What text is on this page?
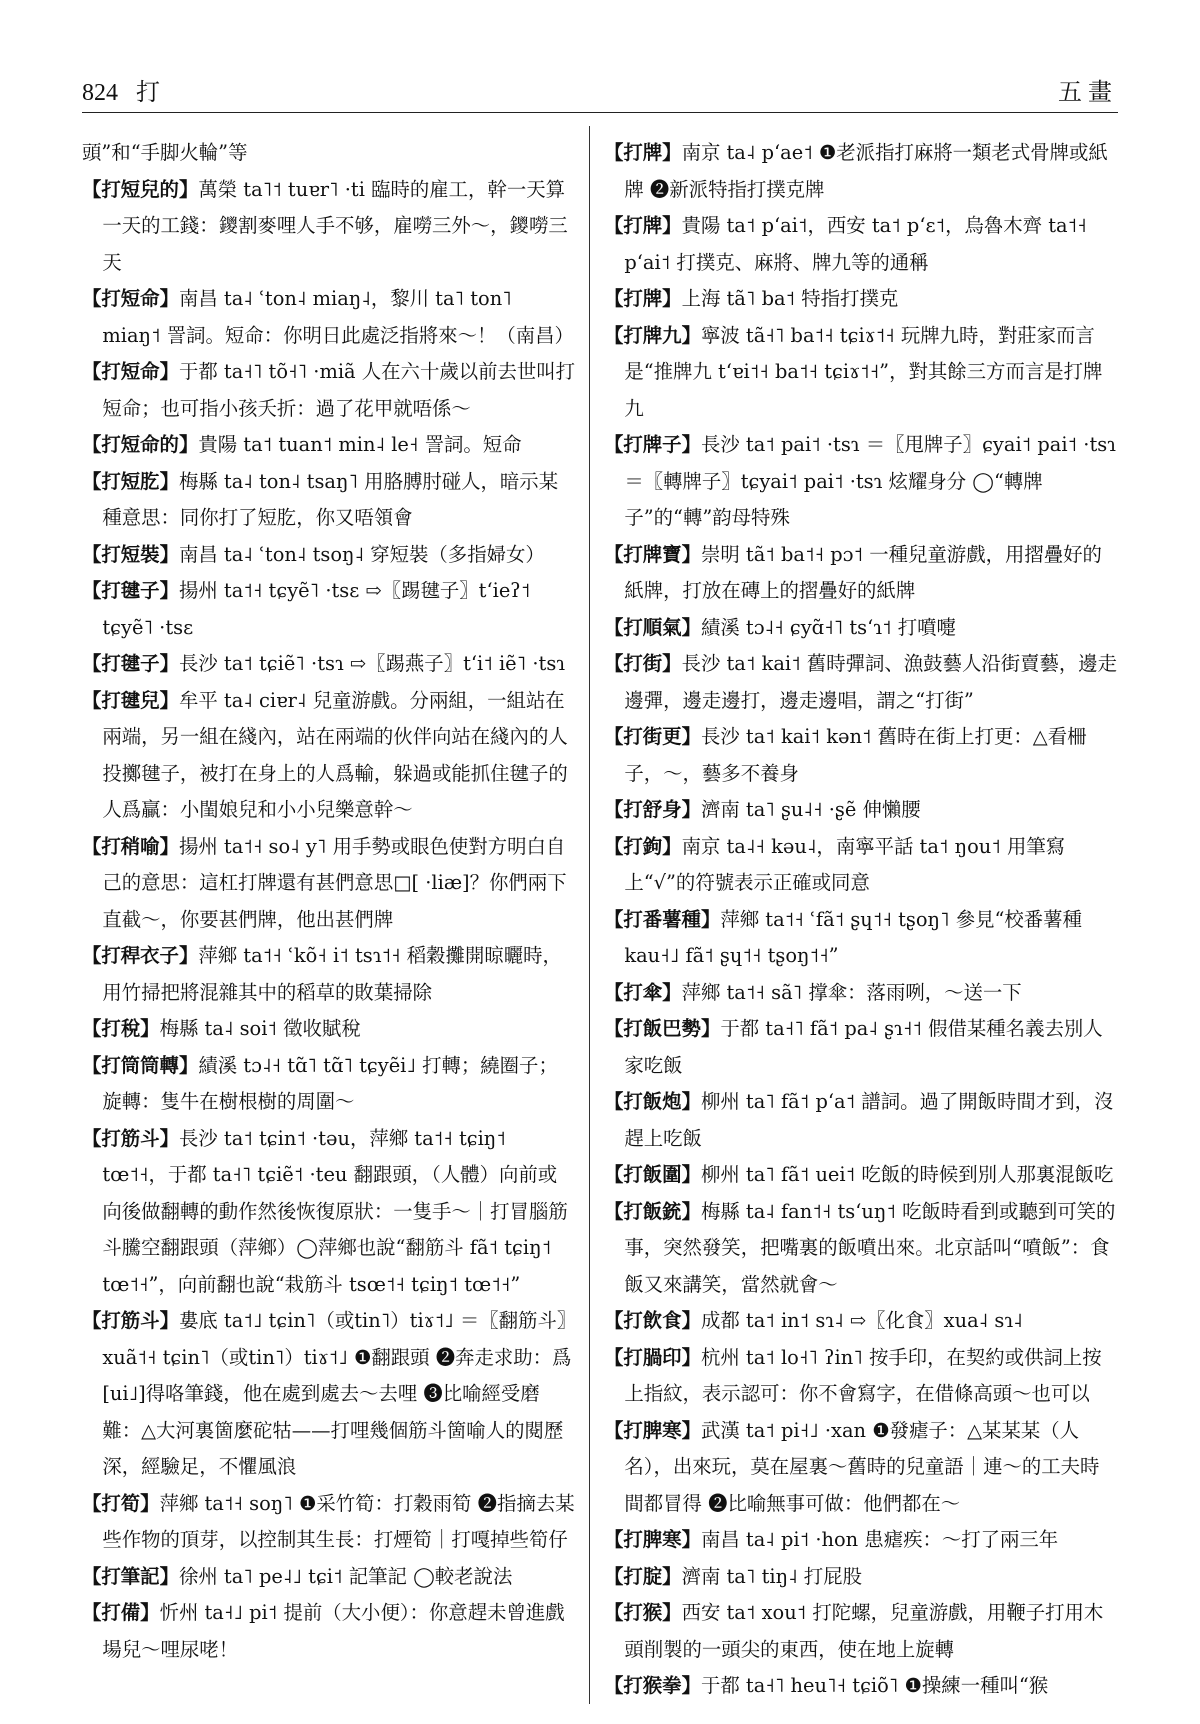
824 打	五畫
頭”和“手脚火輪”等
【打短兒的】萬榮 ta˥˦ tuɐr˥ ·ti 臨時的雇工，幹一天算一天的工錢：鑁割麥哩人手不够，雇嘮三外～，鑁嘮三天
【打短命】南昌 ta˨ ʿton˨ miaŋ˨，黎川 ta˥ ton˥ miaŋ˦ 詈詞。短命：你明日此處泛指將來～！（南昌）
【打短命】于都 ta˧˥ tõ˧˥ ·miã 人在六十歲以前去世叫打短命；也可指小孩夭折：過了花甲就唔係～
【打短命的】貴陽 ta˦ tuan˦ min˨ le˧ 詈詞。短命
【打短肐】梅縣 ta˨ ton˨ tsaŋ˥ 用胳膊肘碰人，暗示某種意思：同你打了短肐，你又唔領會
【打短裝】南昌 ta˨ ʿton˨ tsoŋ˨ 穿短裝（多指婦女）
【打毽子】揚州 ta˦˧ tɕyẽ˥ ·tsɛ ⇨〖踢毽子〗tʻieʔ˦ tɕyẽ˥ ·tsɛ
【打毽子】長沙 ta˦ tɕiẽ˥ ·tsɿ ⇨〖踢燕子〗tʻi˦ iẽ˥ ·tsɿ
【打毽兒】牟平 ta˨ ciɐr˨ 兒童游戲。分兩組，一組站在兩端，另一組在綫內，站在兩端的伙伴向站在綫內的人投擲毽子，被打在身上的人爲輸，躲過或能抓住毽子的人爲贏：小閨娘兒和小小兒樂意幹～
【打稍喻】揚州 ta˦˧ so˨ y˥ 用手勢或眼色使對方明白自己的意思：這杠打牌還有甚們意思□[ ·liæ]？你們兩下直截～，你要甚們牌，他出甚們牌
【打稈衣子】萍鄉 ta˦˧ ʿkõ˧ i˦ tsɿ˦˧ 稻穀攤開晾曬時，用竹掃把將混雜其中的稻草的敗葉掃除
【打稅】梅縣 ta˨ soi˦ 徵收賦稅
【打筒筒轉】績溪 tɔ˨˧ tɑ̃˥ tɑ̃˥ tɕyẽi˩ 打轉；繞圈子；旋轉：隻牛在樹根樹的周圍～
【打筋斗】長沙 ta˦ tɕin˦ ·təu，萍鄉 ta˦˧ tɕiŋ˦ tœ˦˧，于都 ta˧˥ tɕiẽ˦ ·teu 翻跟頭，（人體）向前或向後做翻轉的動作然後恢復原狀：一隻手～｜打冒腦筋斗騰空翻跟頭（萍鄉）◯萍鄉也說“翻筋斗 fã˦ tɕiŋ˦ tœ˦˧”，向前翻也說“栽筋斗 tsœ˦˧ tɕiŋ˦ tœ˦˧”
【打筋斗】婁底 ta˦˩ tɕin˥（或tin˥）tiɤ˦˩ ＝〖翻筋斗〗xuã˦˧ tɕin˥（或tin˥）tiɤ˦˩ ❶翻跟頭 ❷奔走求助：爲[ui˩]得咯筆錢，他在處到處去～去哩 ❸比喻經受磨難：△大河裏箇麼砣牯——打哩幾個筋斗箇喻人的閱歷深，經驗足，不懼風浪
【打筍】萍鄉 ta˦˧ soŋ˥ ❶采竹筍：打穀雨筍 ❷指摘去某些作物的頂芽，以控制其生長：打煙筍｜打嘎掉些筍仔
【打筆記】徐州 ta˥ pe˨˩ tɕi˦ 記筆記 ◯較老說法
【打備】忻州 ta˧˩ pi˦ 提前（大小便）：你意趕未曾進戲場兒～哩尿咾！
【打牌】南京 ta˨ pʻae˦ ❶老派指打麻將一類老式骨牌或紙牌 ❷新派特指打撲克牌
【打牌】貴陽 ta˦ pʻai˦，西安 ta˦ pʻɛ˦，烏魯木齊 ta˦˧ pʻai˦ 打撲克、麻將、牌九等的通稱
【打牌】上海 tã˥ ba˦ 特指打撲克
【打牌九】寧波 tã˧˥ ba˦˧ tɕiɤ˦˧ 玩牌九時，對莊家而言是“推牌九 tʻɐi˦˧ ba˦˧ tɕiɤ˦˧”，對其餘三方而言是打牌九
【打牌子】長沙 ta˦ pai˦ ·tsɿ ＝〖甩牌子〗ɕyai˦ pai˦ ·tsɿ ＝〖轉牌子〗tɕyai˦ pai˦ ·tsɿ 炫耀身分 ◯“轉牌子”的“轉”韵母特殊
【打牌寶】崇明 tã˦ ba˦˧ pɔ˦ 一種兒童游戲，用摺疊好的紙牌，打放在磚上的摺疊好的紙牌
【打順氣】績溪 tɔ˨˧ ɕyɑ̃˧˥ tsʻɿ˦ 打噴嚏
【打街】長沙 ta˦ kai˦ 舊時彈詞、漁鼓藝人沿街賣藝，邊走邊彈，邊走邊打，邊走邊唱，謂之“打街”
【打街更】長沙 ta˦ kai˦ kən˦ 舊時在街上打更：△看柵子，～，藝多不養身
【打舒身】濟南 ta˥ ʂu˨˧ ·ʂẽ 伸懶腰
【打鉤】南京 ta˨˧ kəu˨，南寧平話 ta˦ ŋou˦ 用筆寫上“√”的符號表示正確或同意
【打番薯種】萍鄉 ta˦˧ ʿfã˦ ʂɥ˦˧ tʂoŋ˥ 參見“校番薯種 kau˧˩ fã˦ ʂɥ˦˧ tʂoŋ˦˧”
【打傘】萍鄉 ta˦˧ sã˥ 撑傘：落雨咧，～送一下
【打飯巴勢】于都 ta˧˥ fã˦ pa˨ ʂɿ˧˦ 假借某種名義去別人家吃飯
【打飯炮】柳州 ta˥ fã˦ pʻa˦ 譜詞。過了開飯時間才到，沒趕上吃飯
【打飯圍】柳州 ta˥ fã˦ uei˦ 吃飯的時候到別人那裏混飯吃
【打飯銃】梅縣 ta˨ fan˦˧ tsʻuŋ˦ 吃飯時看到或聽到可笑的事，突然發笑，把嘴裏的飯噴出來。北京話叫“噴飯”：食飯又來講笑，當然就會～
【打飲食】成都 ta˦ in˦ sɿ˨ ⇨〖化食〗xua˨ sɿ˨
【打腡印】杭州 ta˦ lo˧˥ ʔin˥ 按手印，在契約或供詞上按上指紋，表示認可：你不會寫字，在借條高頭～也可以
【打脾寒】武漢 ta˦ pi˧˩ ·xan ❶發瘧子：△某某某（人名），出來玩，莫在屋裏～舊時的兒童語｜連～的工夫時間都冒得 ❷比喻無事可做：他們都在～
【打脾寒】南昌 ta˨ pi˦ ·hon 患瘧疾：～打了兩三年
【打腚】濟南 ta˥ tiŋ˨ 打屁股
【打猴】西安 ta˦ xou˦ 打陀螺，兒童游戲，用鞭子打用木頭削製的一頭尖的東西，使在地上旋轉
【打猴拳】于都 ta˧˥ heu˥˧ tɕiõ˥ ❶操練一種叫“猴
